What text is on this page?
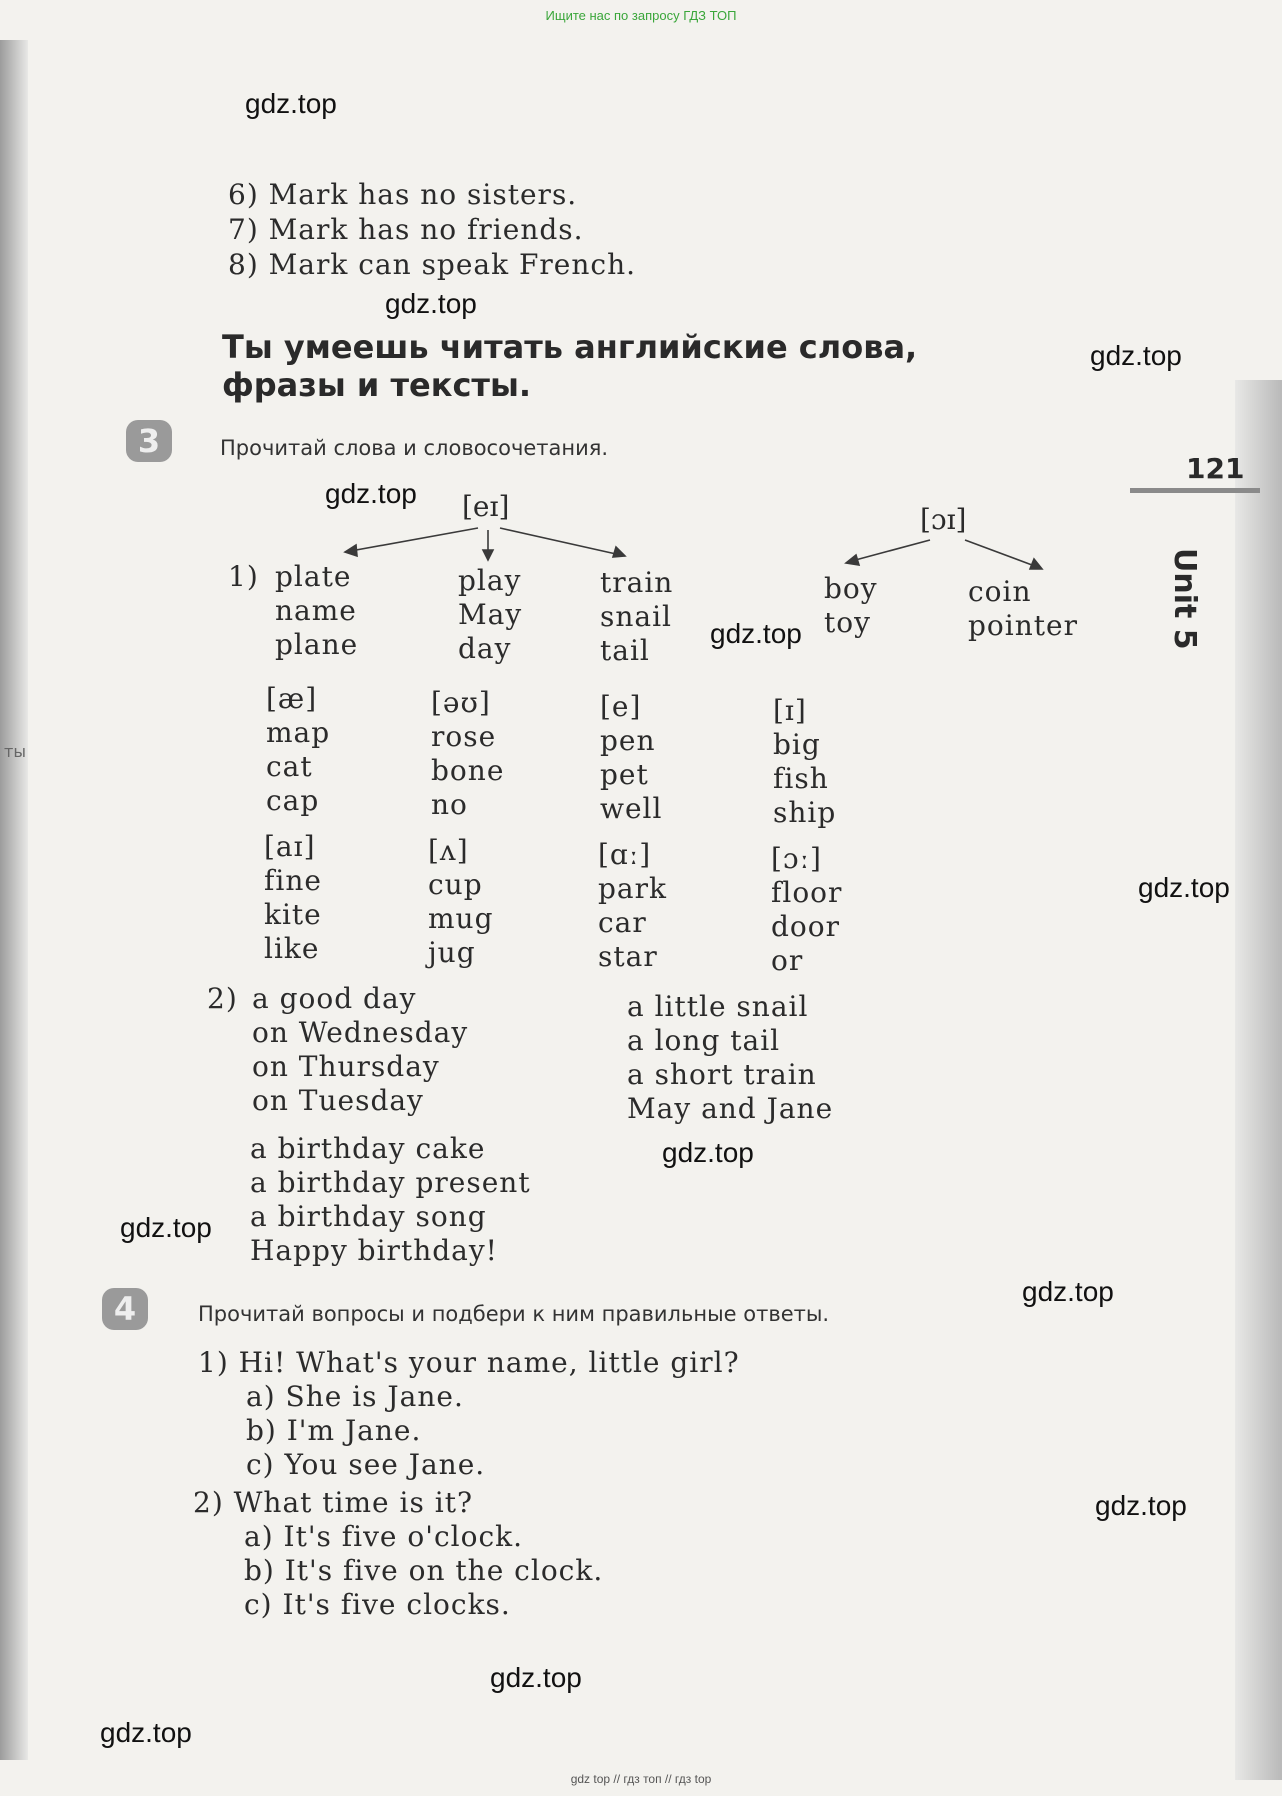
Ищите нас по запросу ГДЗ ТОП
ты
gdz.top
gdz.top
gdz.top
gdz.top
gdz.top
gdz.top
gdz.top
gdz.top
gdz.top
gdz.top
gdz.top
gdz.top
6) Mark has no sisters.
7) Mark has no friends.
8) Mark can speak French.
Ты умеешь читать английские слова,
фразы и тексты.
121
Unit 5
3	Прочитай слова и словосочетания.
[eɪ]	[ɔɪ]
1) plate
name
plane
play
May
day
train
snail
tail
boy
toy
coin
pointer
[æ]
map
cat
cap
[əʊ]
rose
bone
no
[e]
pen
pet
well
[ɪ]
big
fish
ship
[aɪ]
fine
kite
like
[ʌ]
cup
mug
jug
[ɑː]
park
car
star
[ɔː]
floor
door
or
2) a good day
on Wednesday
on Thursday
on Tuesday
a little snail
a long tail
a short train
May and Jane
a birthday cake
a birthday present
a birthday song
Happy birthday!
4	Прочитай вопросы и подбери к ним правильные ответы.
1) Hi! What's your name, little girl?
a) She is Jane.
b) I'm Jane.
c) You see Jane.
2) What time is it?
a) It's five o'clock.
b) It's five on the clock.
c) It's five clocks.
gdz top // гдз топ // гдз top
